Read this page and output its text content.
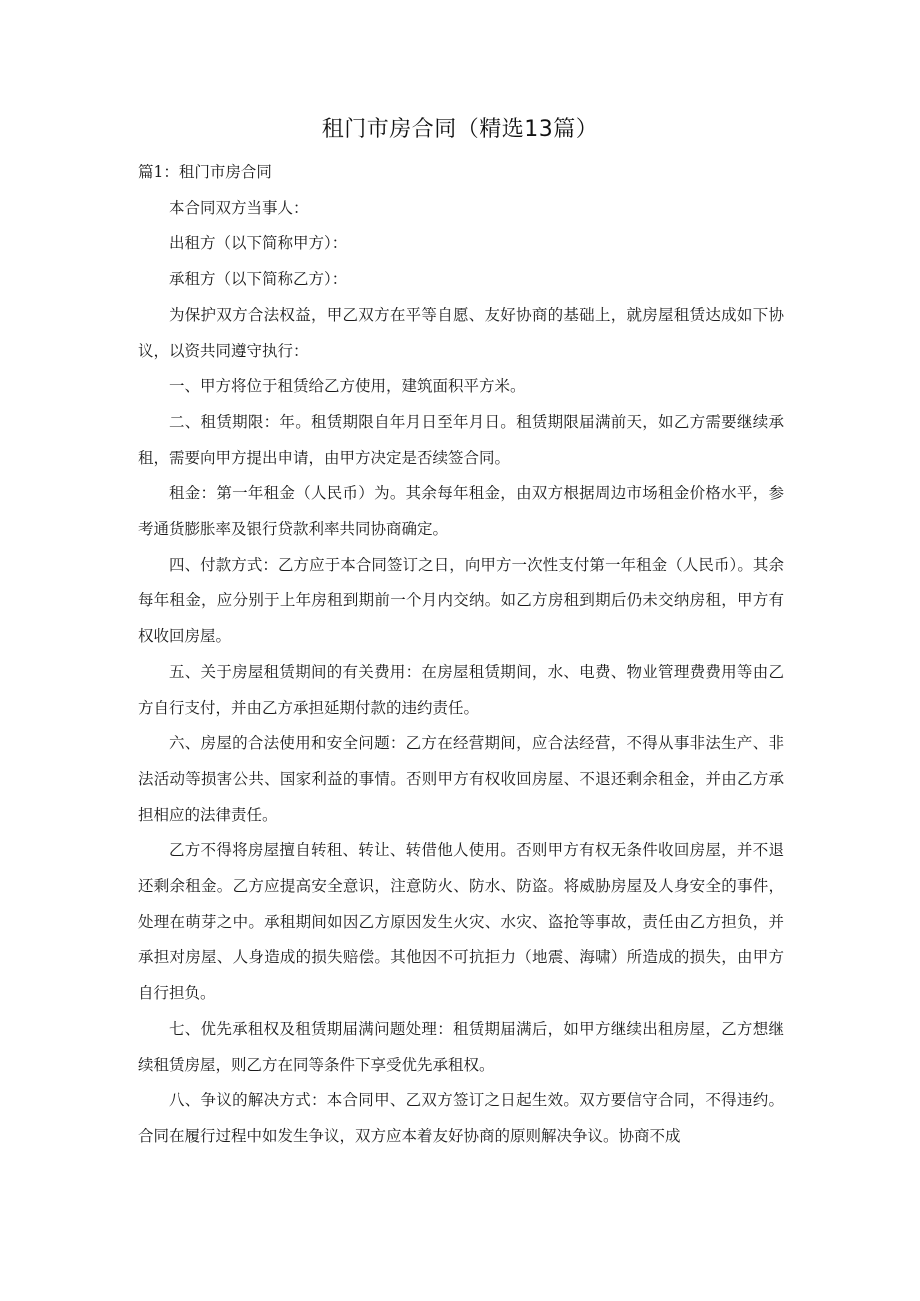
租门市房合同（精选13篇）

篇1：租门市房合同

本合同双方当事人：

出租方（以下简称甲方）：

承租方（以下简称乙方）：

为保护双方合法权益，甲乙双方在平等自愿、友好协商的基础上，就房屋租赁达成如下协议，以资共同遵守执行：

一、甲方将位于租赁给乙方使用，建筑面积平方米。

二、租赁期限：年。租赁期限自年月日至年月日。租赁期限届满前天，如乙方需要继续承租，需要向甲方提出申请，由甲方决定是否续签合同。

租金：第一年租金（人民币）为。其余每年租金，由双方根据周边市场租金价格水平，参考通货膨胀率及银行贷款利率共同协商确定。

四、付款方式：乙方应于本合同签订之日，向甲方一次性支付第一年租金（人民币）。其余每年租金，应分别于上年房租到期前一个月内交纳。如乙方房租到期后仍未交纳房租，甲方有权收回房屋。

五、关于房屋租赁期间的有关费用：在房屋租赁期间，水、电费、物业管理费费用等由乙方自行支付，并由乙方承担延期付款的违约责任。

六、房屋的合法使用和安全问题：乙方在经营期间，应合法经营，不得从事非法生产、非法活动等损害公共、国家利益的事情。否则甲方有权收回房屋、不退还剩余租金，并由乙方承担相应的法律责任。

乙方不得将房屋擅自转租、转让、转借他人使用。否则甲方有权无条件收回房屋，并不退还剩余租金。乙方应提高安全意识，注意防火、防水、防盗。将威胁房屋及人身安全的事件，处理在萌芽之中。承租期间如因乙方原因发生火灾、水灾、盗抢等事故，责任由乙方担负，并承担对房屋、人身造成的损失赔偿。其他因不可抗拒力（地震、海啸）所造成的损失，由甲方自行担负。

七、优先承租权及租赁期届满问题处理：租赁期届满后，如甲方继续出租房屋，乙方想继续租赁房屋，则乙方在同等条件下享受优先承租权。

八、争议的解决方式：本合同甲、乙双方签订之日起生效。双方要信守合同，不得违约。合同在履行过程中如发生争议，双方应本着友好协商的原则解决争议。协商不成
